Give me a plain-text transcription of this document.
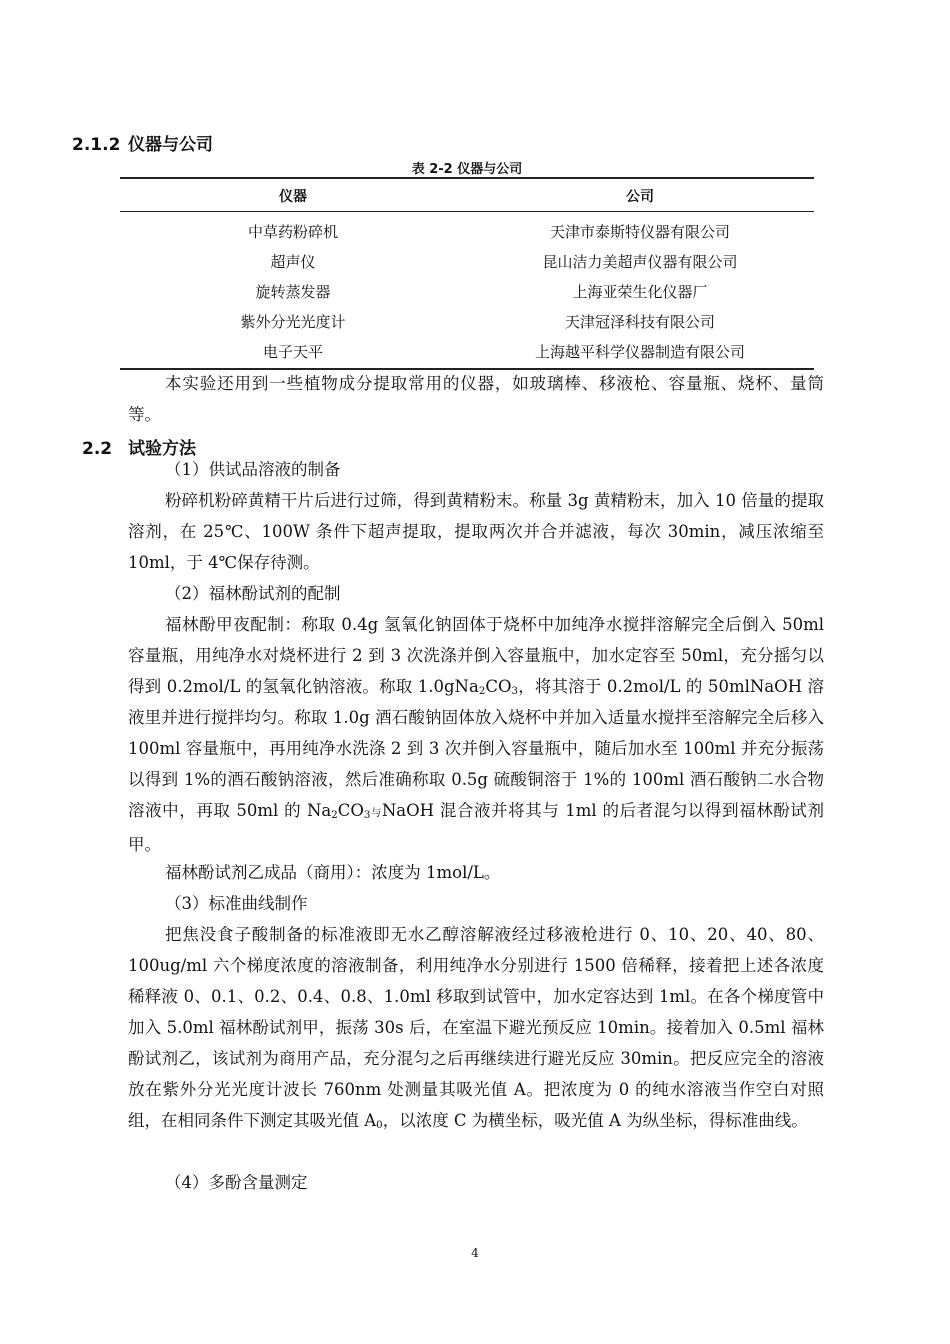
2.1.2 仪器与公司
表 2-2 仪器与公司
仪器	公司
中草药粉碎机	天津市泰斯特仪器有限公司
超声仪	昆山洁力美超声仪器有限公司
旋转蒸发器	上海亚荣生化仪器厂
紫外分光光度计	天津冠泽科技有限公司
电子天平	上海越平科学仪器制造有限公司

本实验还用到一些植物成分提取常用的仪器，如玻璃棒、移液枪、容量瓶、烧杯、量筒等。

2.2 试验方法

（1）供试品溶液的制备

粉碎机粉碎黄精干片后进行过筛，得到黄精粉末。称量 3g 黄精粉末，加入 10 倍量的提取溶剂，在 25℃、100W 条件下超声提取，提取两次并合并滤液，每次 30min，减压浓缩至 10ml，于 4℃保存待测。

（2）福林酚试剂的配制

福林酚甲夜配制：称取 0.4g 氢氧化钠固体于烧杯中加纯净水搅拌溶解完全后倒入 50ml 容量瓶，用纯净水对烧杯进行 2 到 3 次洗涤并倒入容量瓶中，加水定容至 50ml，充分摇匀以得到 0.2mol/L 的氢氧化钠溶液。称取 $1.0gNa_2CO_3$，将其溶于 0.2mol/L 的 50mlNaOH 溶液里并进行搅拌均匀。称取 1.0g 酒石酸钠固体放入烧杯中并加入适量水搅拌至溶解完全后移入 100ml 容量瓶中，再用纯净水洗涤 2 到 3 次并倒入容量瓶中，随后加水至 100ml 并充分振荡以得到 1%的酒石酸钠溶液，然后准确称取 0.5g 硫酸铜溶于 1%的 100ml 酒石酸钠二水合物溶液中，再取 50ml 的 $Na_2CO_3$与NaOH 混合液并将其与 1ml 的后者混匀以得到福林酚试剂甲。

福林酚试剂乙成品（商用）：浓度为 1mol/L。

（3）标准曲线制作

把焦没食子酸制备的标准液即无水乙醇溶解液经过移液枪进行 0、10、20、40、80、100ug/ml 六个梯度浓度的溶液制备，利用纯净水分别进行 1500 倍稀释，接着把上述各浓度稀释液 0、0.1、0.2、0.4、0.8、1.0ml 移取到试管中，加水定容达到 1ml。在各个梯度管中加入 5.0ml 福林酚试剂甲，振荡 30s 后，在室温下避光预反应 10min。接着加入 0.5ml 福林酚试剂乙，该试剂为商用产品，充分混匀之后再继续进行避光反应 30min。把反应完全的溶液放在紫外分光光度计波长 760nm 处测量其吸光值 A。把浓度为 0 的纯水溶液当作空白对照组，在相同条件下测定其吸光值 $A_0$，以浓度 C 为横坐标，吸光值 A 为纵坐标，得标准曲线。

（4）多酚含量测定

4
